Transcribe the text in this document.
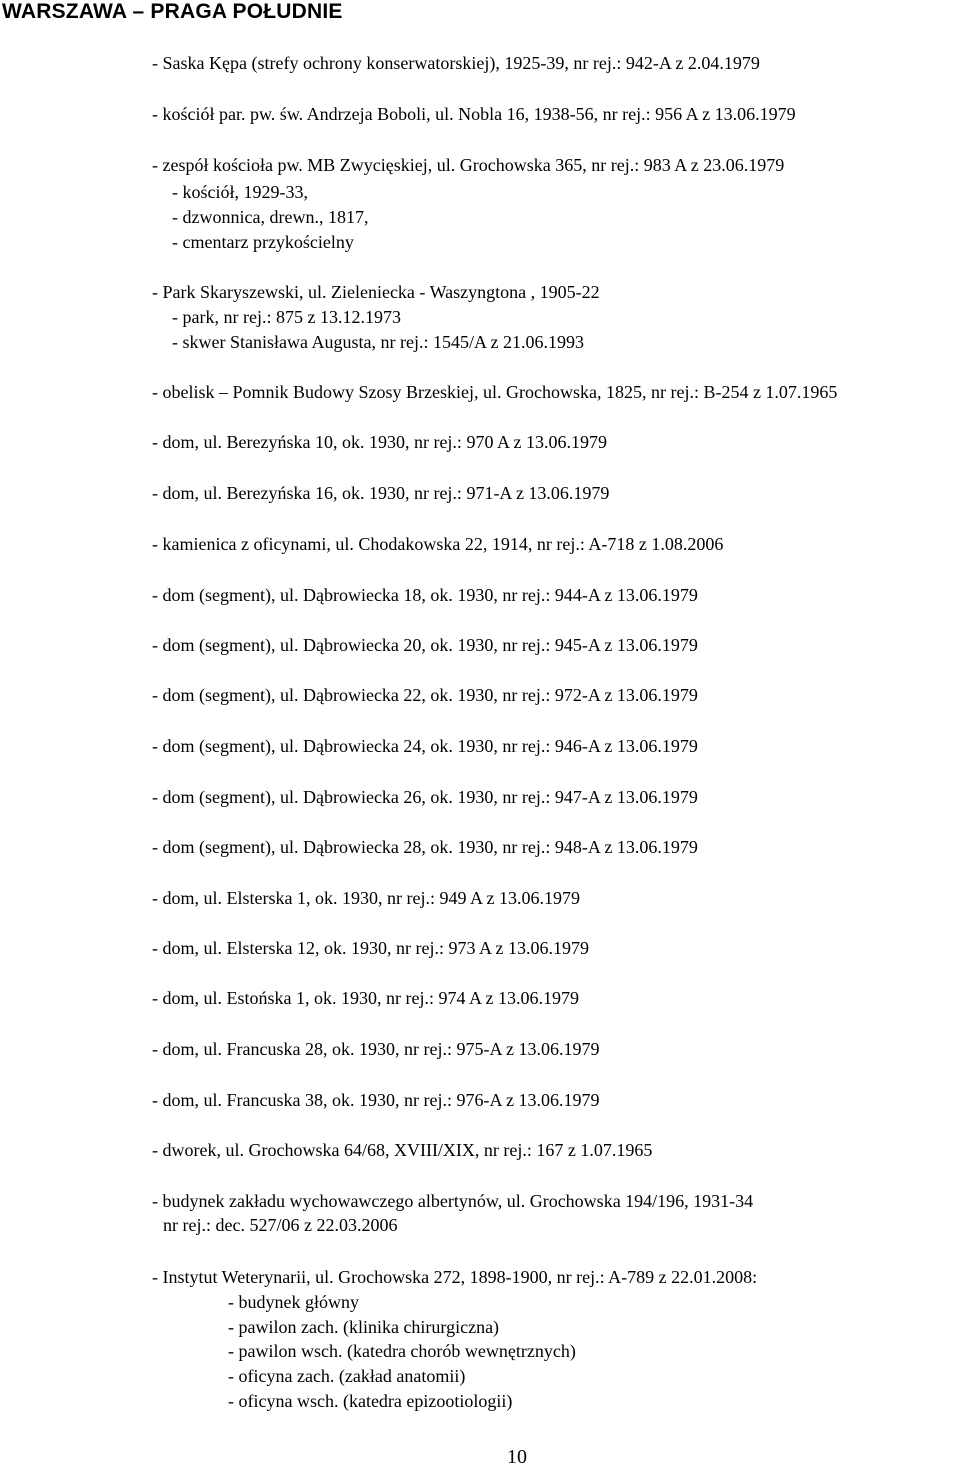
WARSZAWA – PRAGA POŁUDNIE
- Saska Kępa (strefy ochrony konserwatorskiej), 1925-39, nr rej.: 942-A z 2.04.1979
- kościół par. pw. św. Andrzeja Boboli, ul. Nobla 16, 1938-56, nr rej.: 956 A z 13.06.1979
- zespół kościoła pw. MB Zwycięskiej, ul. Grochowska 365, nr rej.: 983 A z 23.06.1979
- kościół, 1929-33,
- dzwonnica, drewn., 1817,
- cmentarz przykościelny
- Park Skaryszewski, ul. Zieleniecka - Waszyngtona , 1905-22
- park, nr rej.: 875 z 13.12.1973
- skwer Stanisława Augusta, nr rej.: 1545/A z 21.06.1993
- obelisk – Pomnik Budowy Szosy Brzeskiej, ul. Grochowska, 1825, nr rej.: B-254 z 1.07.1965
- dom, ul. Berezyńska 10, ok. 1930, nr rej.: 970 A z 13.06.1979
- dom, ul. Berezyńska 16, ok. 1930, nr rej.: 971-A z 13.06.1979
- kamienica z oficynami, ul. Chodakowska 22, 1914, nr rej.: A-718 z 1.08.2006
- dom (segment), ul. Dąbrowiecka 18, ok. 1930, nr rej.: 944-A z 13.06.1979
- dom (segment), ul. Dąbrowiecka 20, ok. 1930, nr rej.: 945-A z 13.06.1979
- dom (segment), ul. Dąbrowiecka 22, ok. 1930, nr rej.: 972-A z 13.06.1979
- dom (segment), ul. Dąbrowiecka 24, ok. 1930, nr rej.: 946-A z 13.06.1979
- dom (segment), ul. Dąbrowiecka 26, ok. 1930, nr rej.: 947-A z 13.06.1979
- dom (segment), ul. Dąbrowiecka 28, ok. 1930, nr rej.: 948-A z 13.06.1979
- dom, ul. Elsterska 1, ok. 1930, nr rej.: 949 A z 13.06.1979
- dom, ul. Elsterska 12, ok. 1930, nr rej.: 973 A z 13.06.1979
- dom, ul. Estońska 1, ok. 1930, nr rej.: 974 A z 13.06.1979
- dom, ul. Francuska 28, ok. 1930, nr rej.: 975-A z 13.06.1979
- dom, ul. Francuska 38, ok. 1930, nr rej.: 976-A z 13.06.1979
- dworek, ul. Grochowska 64/68, XVIII/XIX, nr rej.: 167 z 1.07.1965
- budynek zakładu wychowawczego albertynów, ul. Grochowska 194/196, 1931-34
nr rej.: dec. 527/06 z 22.03.2006
- Instytut Weterynarii, ul. Grochowska 272, 1898-1900, nr rej.: A-789 z 22.01.2008:
- budynek główny
- pawilon zach. (klinika chirurgiczna)
- pawilon wsch. (katedra chorób wewnętrznych)
- oficyna zach. (zakład anatomii)
- oficyna wsch. (katedra epizootiologii)
10
